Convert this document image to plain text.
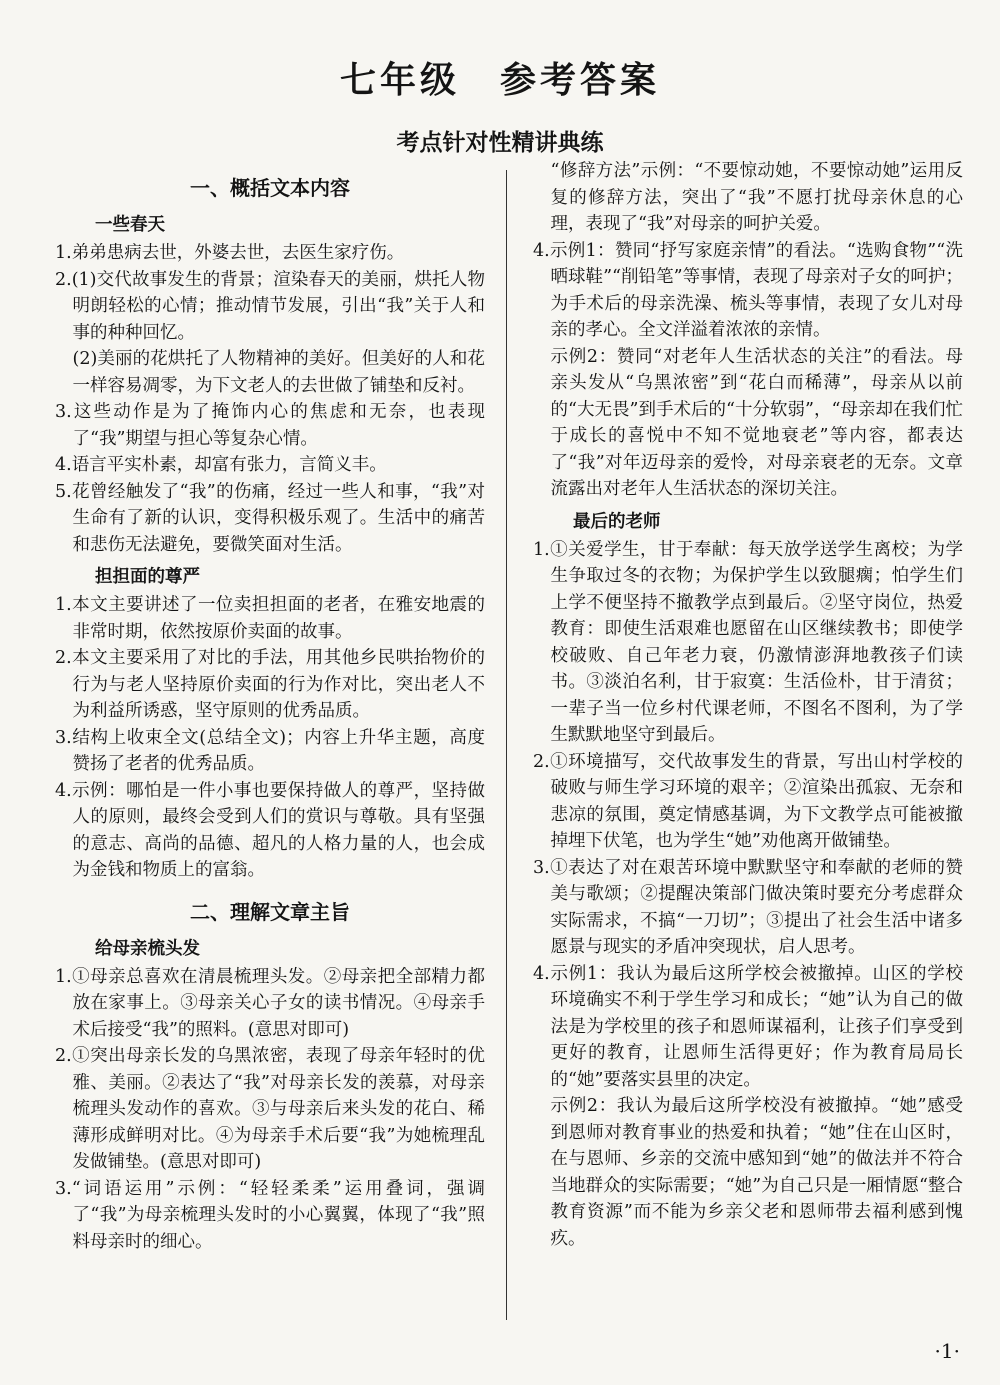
七年级 参考答案
考点针对性精讲典练
一、概括文本内容
一些春天

1.弟弟患病去世，外婆去世，去医生家疗伤。

2.(1)交代故事发生的背景；渲染春天的美丽，烘托人物明朗轻松的心情；推动情节发展，引出“我”关于人和事的种种回忆。

(2)美丽的花烘托了人物精神的美好。但美好的人和花一样容易凋零，为下文老人的去世做了铺垫和反衬。

3.这些动作是为了掩饰内心的焦虑和无奈，也表现了“我”期望与担心等复杂心情。

4.语言平实朴素，却富有张力，言简义丰。

5.花曾经触发了“我”的伤痛，经过一些人和事，“我”对生命有了新的认识，变得积极乐观了。生活中的痛苦和悲伤无法避免，要微笑面对生活。

担担面的尊严

1.本文主要讲述了一位卖担担面的老者，在雅安地震的非常时期，依然按原价卖面的故事。

2.本文主要采用了对比的手法，用其他乡民哄抬物价的行为与老人坚持原价卖面的行为作对比，突出老人不为利益所诱惑，坚守原则的优秀品质。

3.结构上收束全文(总结全文)；内容上升华主题，高度赞扬了老者的优秀品质。

4.示例：哪怕是一件小事也要保持做人的尊严，坚持做人的原则，最终会受到人们的赏识与尊敬。具有坚强的意志、高尚的品德、超凡的人格力量的人，也会成为金钱和物质上的富翁。

二、理解文章主旨
给母亲梳头发

1.①母亲总喜欢在清晨梳理头发。②母亲把全部精力都放在家事上。③母亲关心子女的读书情况。④母亲手术后接受“我”的照料。(意思对即可)

2.①突出母亲长发的乌黑浓密，表现了母亲年轻时的优雅、美丽。②表达了“我”对母亲长发的羡慕，对母亲梳理头发动作的喜欢。③与母亲后来头发的花白、稀薄形成鲜明对比。④为母亲手术后要“我”为她梳理乱发做铺垫。(意思对即可)

3.“词语运用”示例：“轻轻柔柔”运用叠词，强调了“我”为母亲梳理头发时的小心翼翼，体现了“我”照料母亲时的细心。

“修辞方法”示例：“不要惊动她，不要惊动她”运用反复的修辞方法，突出了“我”不愿打扰母亲休息的心理，表现了“我”对母亲的呵护关爱。

4.示例1：赞同“抒写家庭亲情”的看法。“选购食物”“洗晒球鞋”“削铅笔”等事情，表现了母亲对子女的呵护；为手术后的母亲洗澡、梳头等事情，表现了女儿对母亲的孝心。全文洋溢着浓浓的亲情。

示例2：赞同“对老年人生活状态的关注”的看法。母亲头发从“乌黑浓密”到“花白而稀薄”，母亲从以前的“大无畏”到手术后的“十分软弱”，“母亲却在我们忙于成长的喜悦中不知不觉地衰老”等内容，都表达了“我”对年迈母亲的爱怜，对母亲衰老的无奈。文章流露出对老年人生活状态的深切关注。

最后的老师

1.①关爱学生，甘于奉献：每天放学送学生离校；为学生争取过冬的衣物；为保护学生以致腿瘸；怕学生们上学不便坚持不撤教学点到最后。②坚守岗位，热爱教育：即使生活艰难也愿留在山区继续教书；即使学校破败、自己年老力衰，仍激情澎湃地教孩子们读书。③淡泊名利，甘于寂寞：生活俭朴，甘于清贫；一辈子当一位乡村代课老师，不图名不图利，为了学生默默地坚守到最后。

2.①环境描写，交代故事发生的背景，写出山村学校的破败与师生学习环境的艰辛；②渲染出孤寂、无奈和悲凉的氛围，奠定情感基调，为下文教学点可能被撤掉埋下伏笔，也为学生“她”劝他离开做铺垫。

3.①表达了对在艰苦环境中默默坚守和奉献的老师的赞美与歌颂；②提醒决策部门做决策时要充分考虑群众实际需求，不搞“一刀切”；③提出了社会生活中诸多愿景与现实的矛盾冲突现状，启人思考。

4.示例1：我认为最后这所学校会被撤掉。山区的学校环境确实不利于学生学习和成长；“她”认为自己的做法是为学校里的孩子和恩师谋福利，让孩子们享受到更好的教育，让恩师生活得更好；作为教育局局长的“她”要落实县里的决定。

示例2：我认为最后这所学校没有被撤掉。“她”感受到恩师对教育事业的热爱和执着；“她”住在山区时，在与恩师、乡亲的交流中感知到“她”的做法并不符合当地群众的实际需要；“她”为自己只是一厢情愿“整合教育资源”而不能为乡亲父老和恩师带去福利感到愧疚。

·1·
